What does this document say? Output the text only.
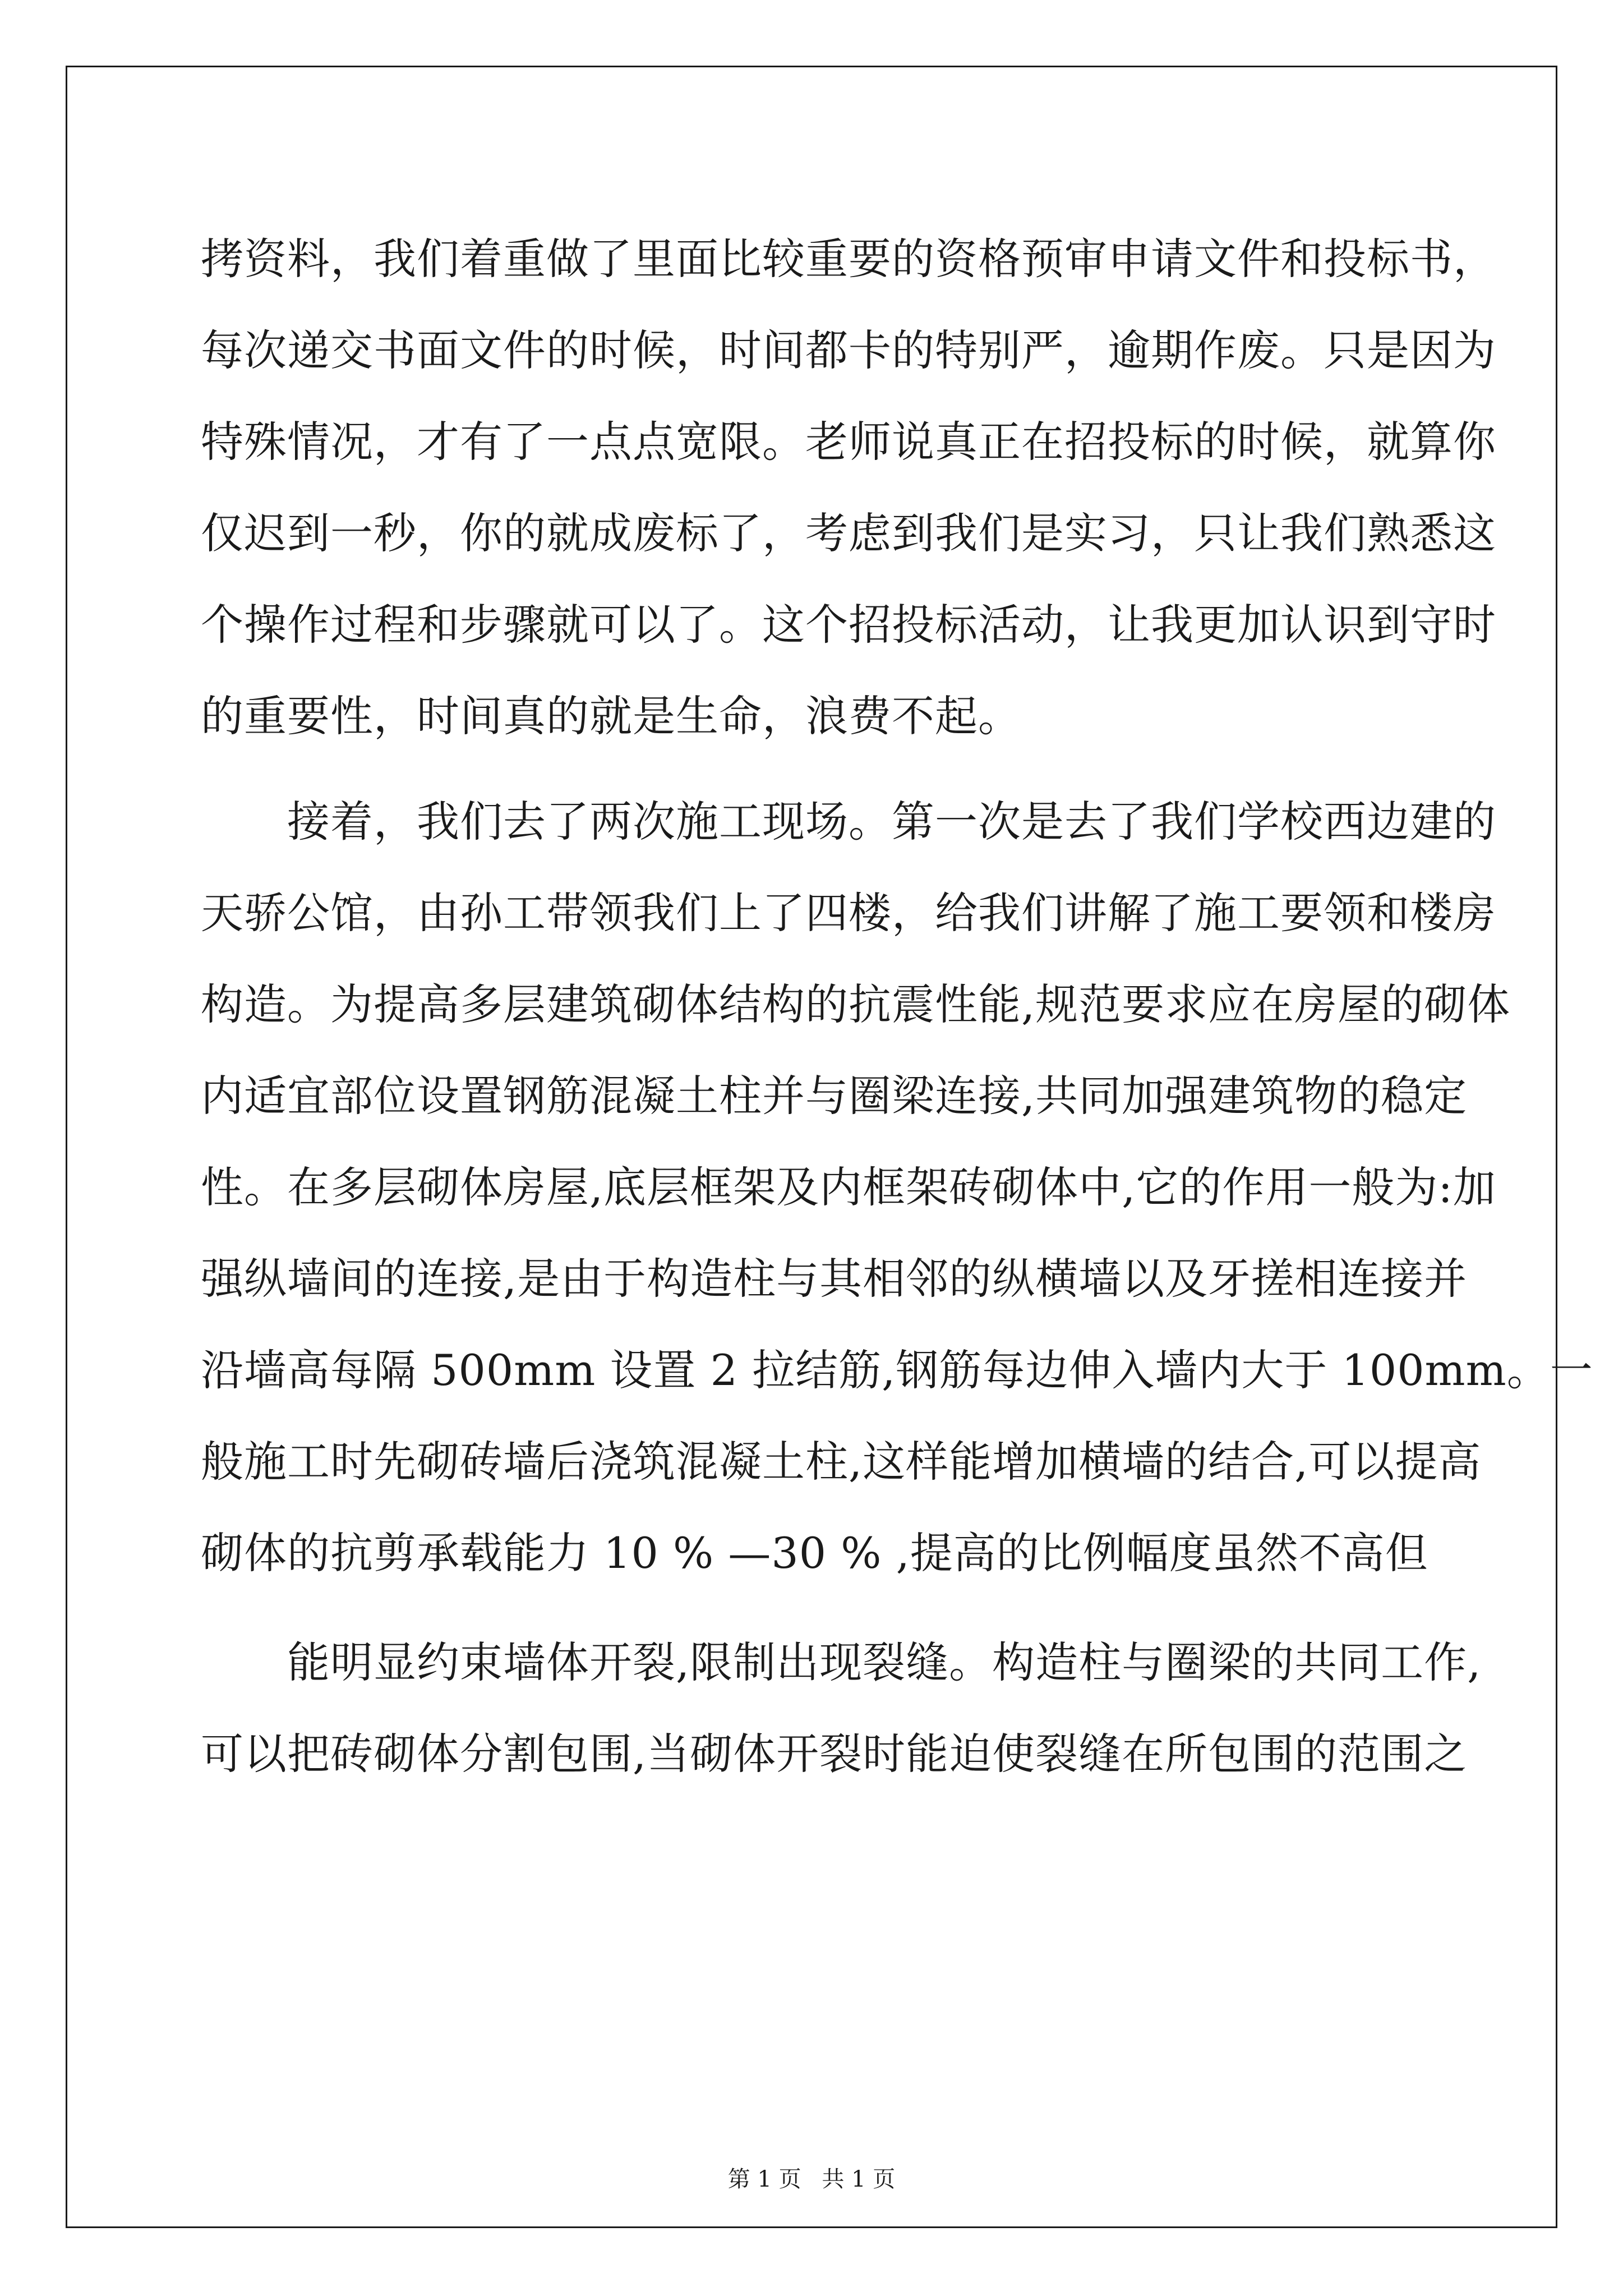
拷资料，我们着重做了里面比较重要的资格预审申请文件和投标书，
每次递交书面文件的时候，时间都卡的特别严，逾期作废。只是因为
特殊情况，才有了一点点宽限。老师说真正在招投标的时候，就算你
仅迟到一秒，你的就成废标了，考虑到我们是实习，只让我们熟悉这
个操作过程和步骤就可以了。这个招投标活动，让我更加认识到守时
的重要性，时间真的就是生命，浪费不起。
　　接着，我们去了两次施工现场。第一次是去了我们学校西边建的
天骄公馆，由孙工带领我们上了四楼，给我们讲解了施工要领和楼房
构造。为提高多层建筑砌体结构的抗震性能,规范要求应在房屋的砌体
内适宜部位设置钢筋混凝土柱并与圈梁连接,共同加强建筑物的稳定
性。在多层砌体房屋,底层框架及内框架砖砌体中,它的作用一般为:加
强纵墙间的连接,是由于构造柱与其相邻的纵横墙以及牙搓相连接并
沿墙高每隔 500mm 设置 2 拉结筋,钢筋每边伸入墙内大于 100mm。一
般施工时先砌砖墙后浇筑混凝土柱,这样能增加横墙的结合,可以提高
砌体的抗剪承载能力 10 % —30 % ,提高的比例幅度虽然不高但
　　能明显约束墙体开裂,限制出现裂缝。构造柱与圈梁的共同工作,
可以把砖砌体分割包围,当砌体开裂时能迫使裂缝在所包围的范围之
第 1 页 共 1 页
